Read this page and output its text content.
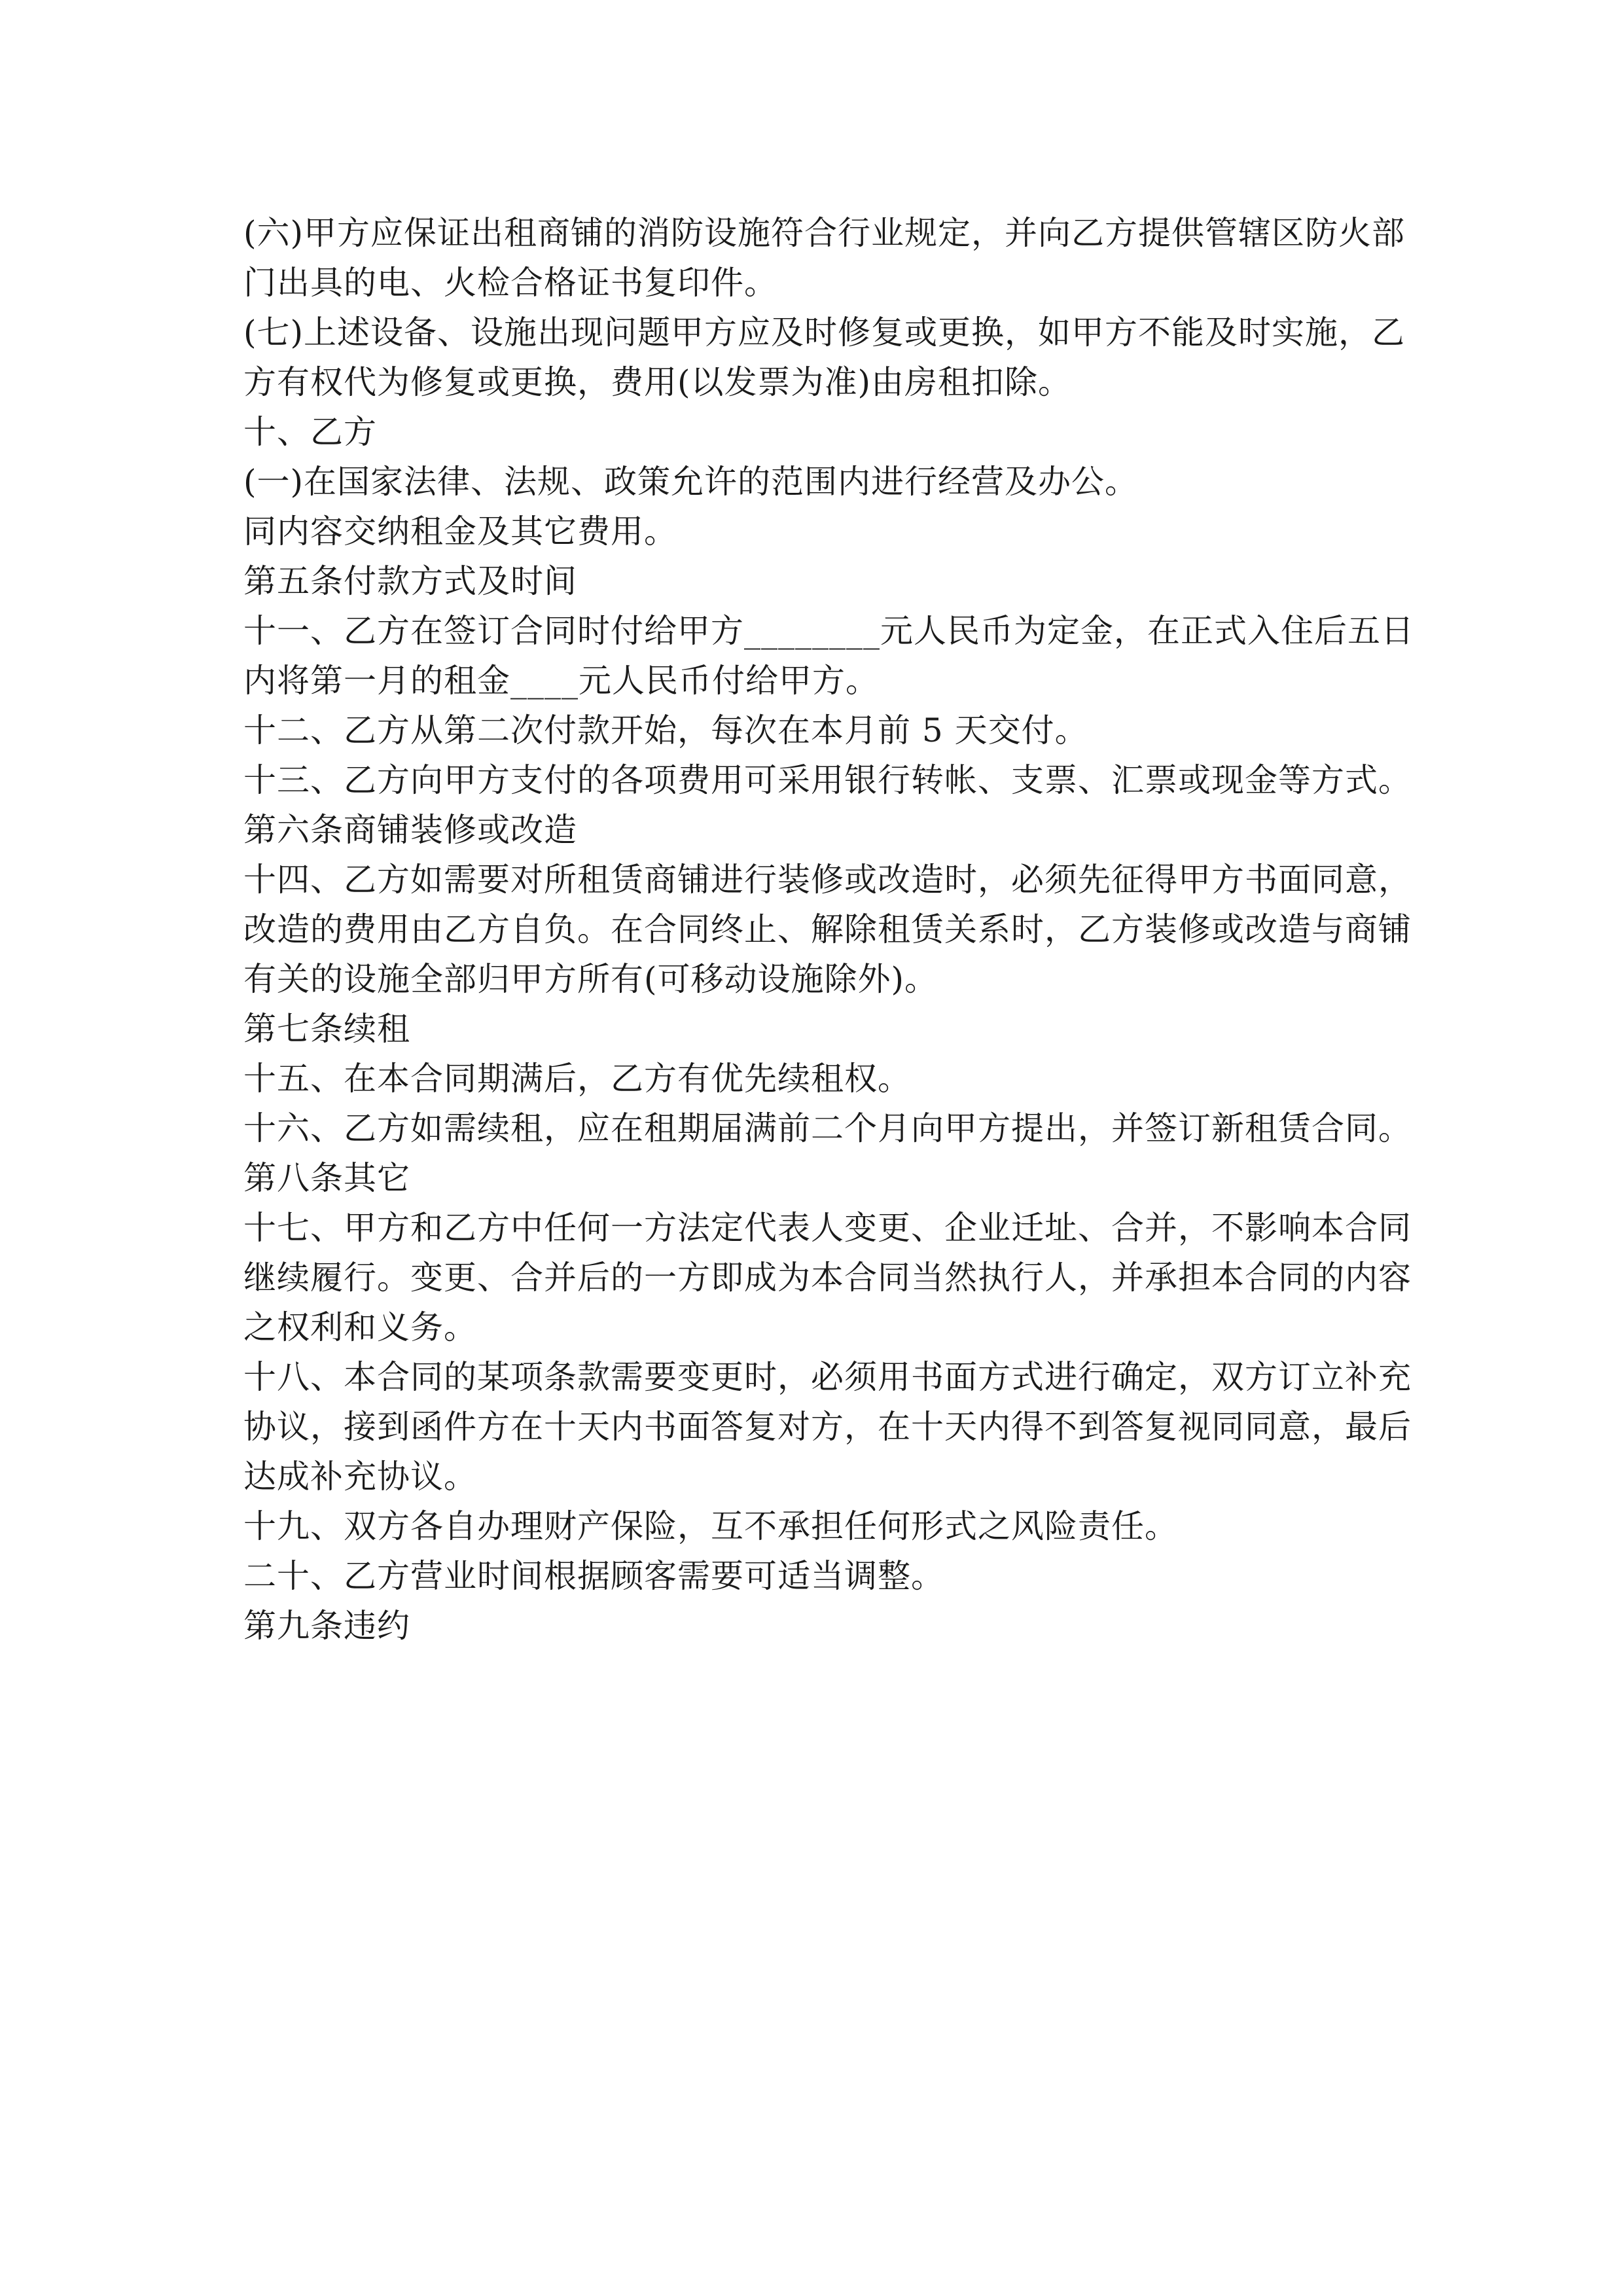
(六)甲方应保证出租商铺的消防设施符合行业规定，并向乙方提供管辖区防火部

门出具的电、火检合格证书复印件。

(七)上述设备、设施出现问题甲方应及时修复或更换，如甲方不能及时实施，乙

方有权代为修复或更换，费用(以发票为准)由房租扣除。

十、乙方

(一)在国家法律、法规、政策允许的范围内进行经营及办公。

同内容交纳租金及其它费用。

第五条付款方式及时间

十一、乙方在签订合同时付给甲方________元人民币为定金，在正式入住后五日

内将第一月的租金____元人民币付给甲方。

十二、乙方从第二次付款开始，每次在本月前 5 天交付。

十三、乙方向甲方支付的各项费用可采用银行转帐、支票、汇票或现金等方式。

第六条商铺装修或改造

十四、乙方如需要对所租赁商铺进行装修或改造时，必须先征得甲方书面同意，

改造的费用由乙方自负。在合同终止、解除租赁关系时，乙方装修或改造与商铺

有关的设施全部归甲方所有(可移动设施除外)。

第七条续租

十五、在本合同期满后，乙方有优先续租权。

十六、乙方如需续租，应在租期届满前二个月向甲方提出，并签订新租赁合同。

第八条其它

十七、甲方和乙方中任何一方法定代表人变更、企业迁址、合并，不影响本合同

继续履行。变更、合并后的一方即成为本合同当然执行人，并承担本合同的内容

之权利和义务。

十八、本合同的某项条款需要变更时，必须用书面方式进行确定，双方订立补充

协议，接到函件方在十天内书面答复对方，在十天内得不到答复视同同意，最后

达成补充协议。

十九、双方各自办理财产保险，互不承担任何形式之风险责任。

二十、乙方营业时间根据顾客需要可适当调整。

第九条违约
